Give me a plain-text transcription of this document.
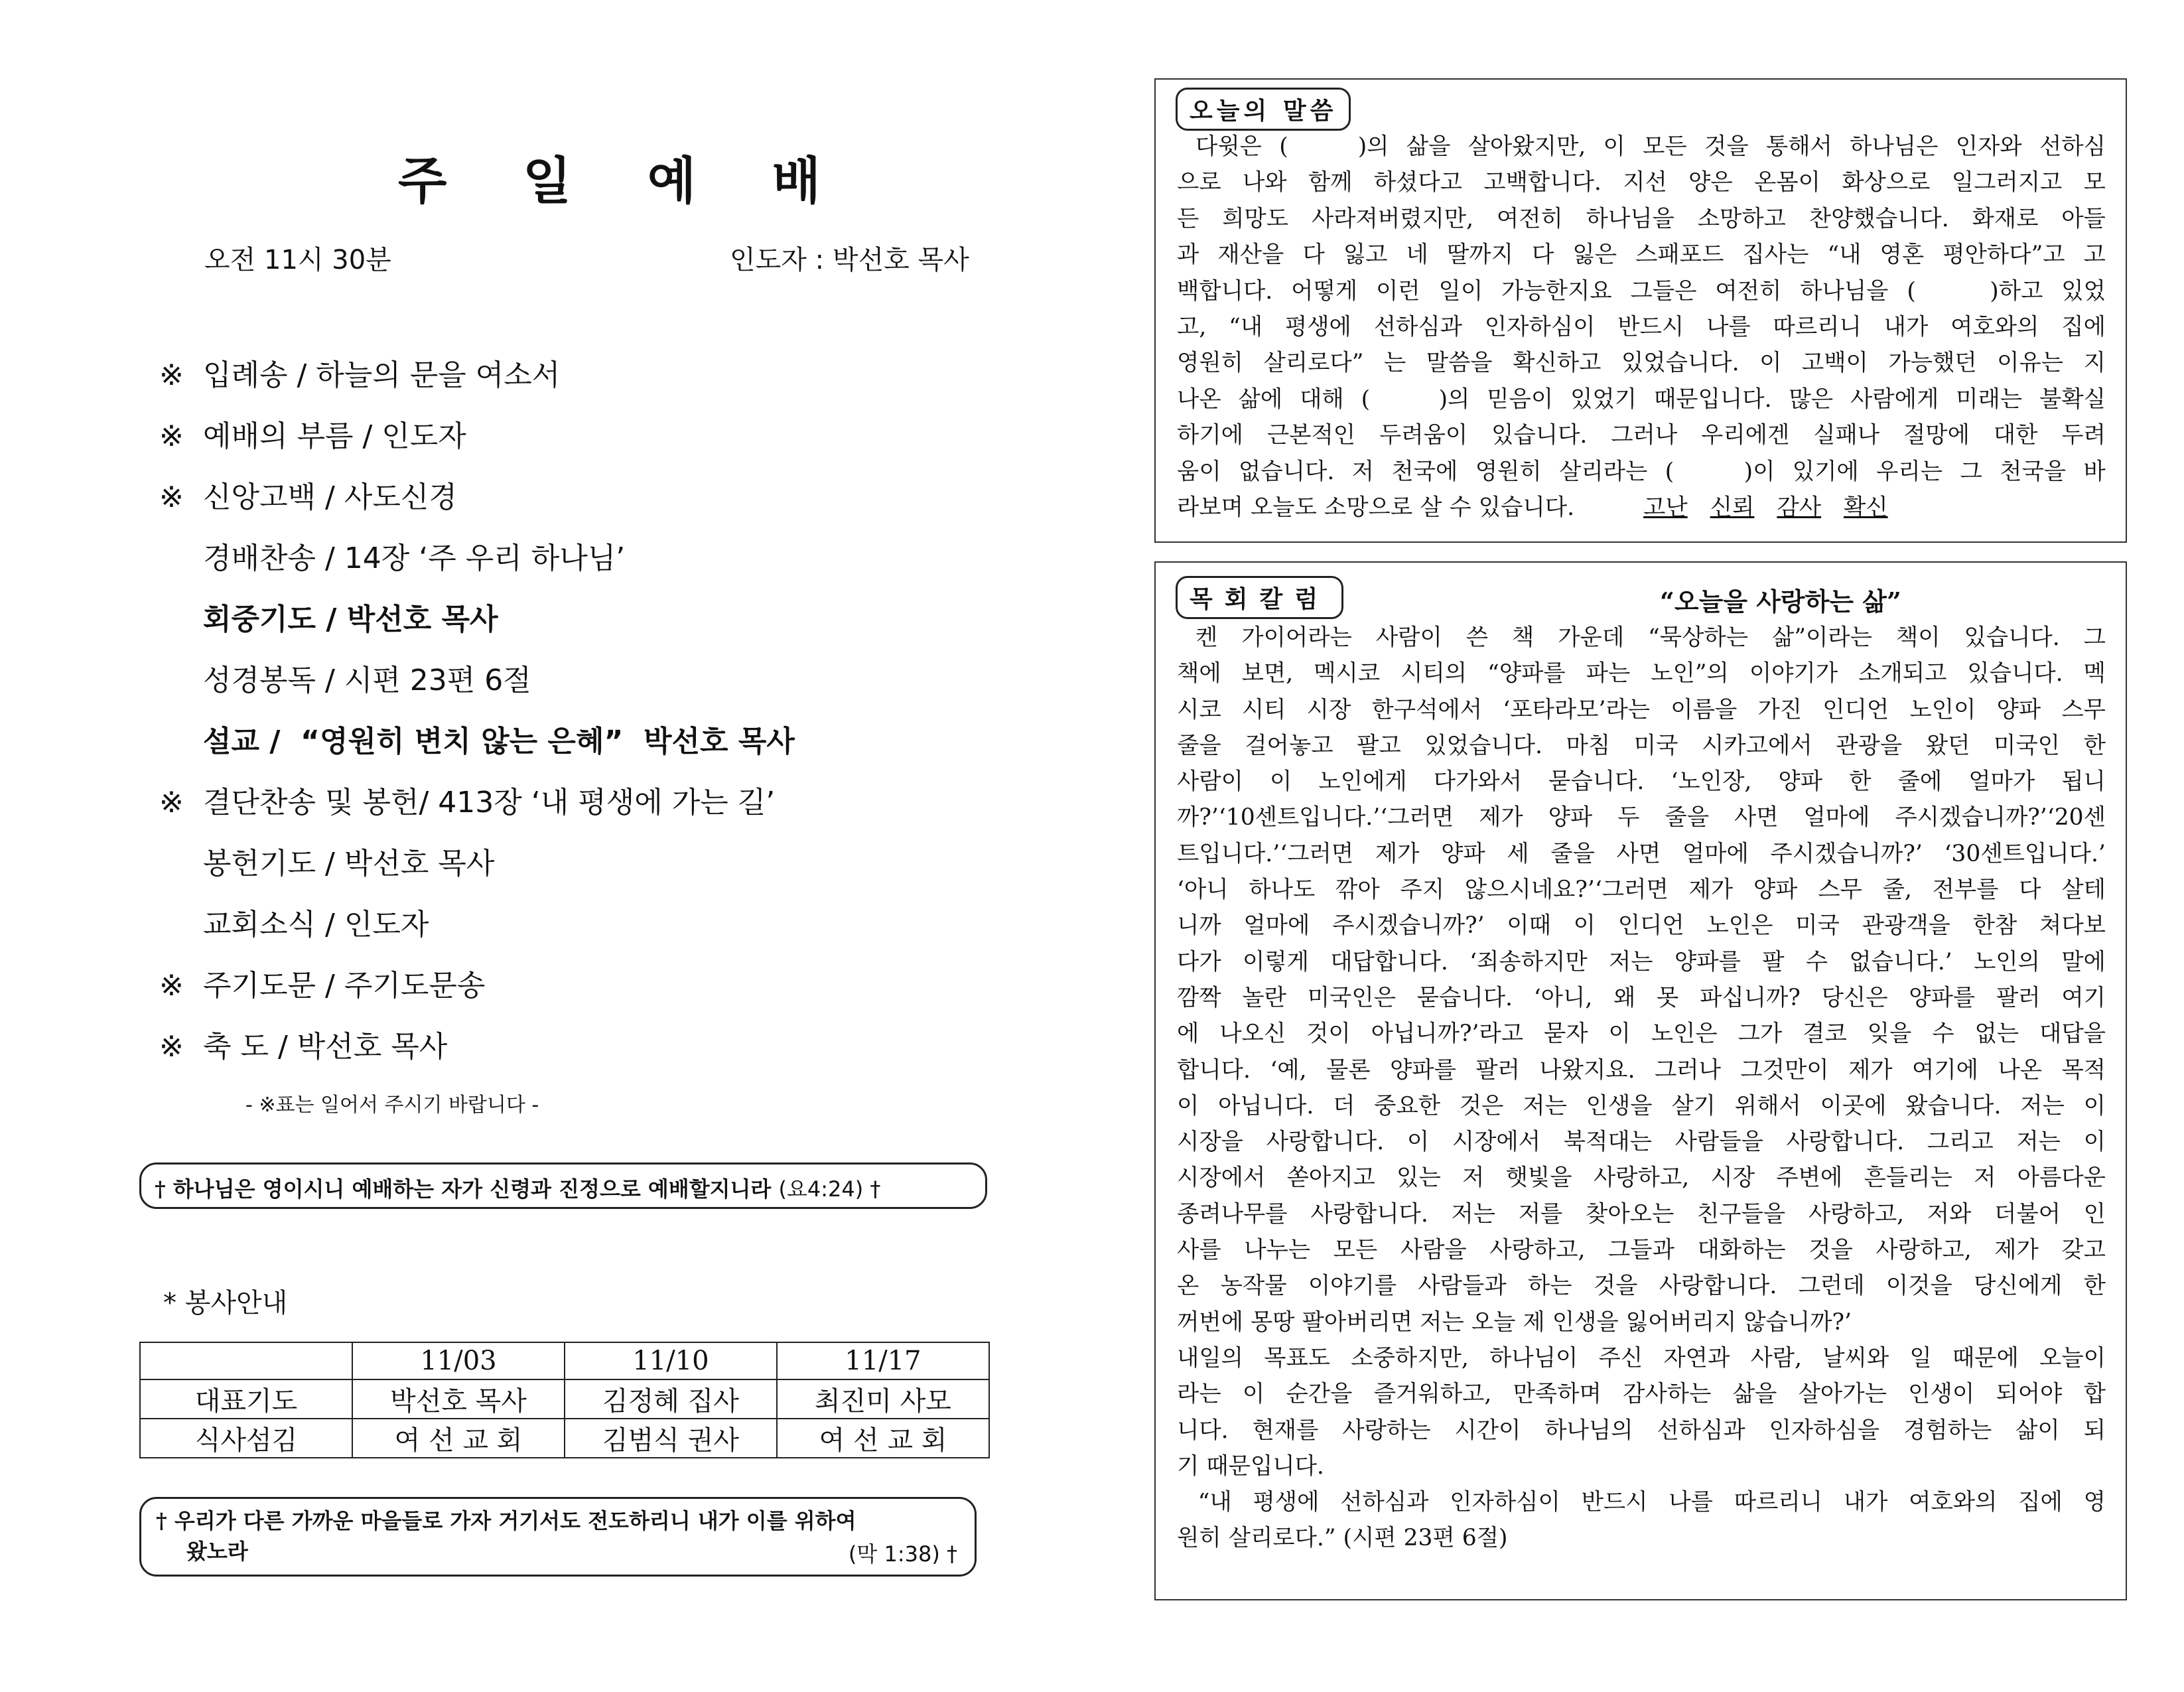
주 일 예 배
오전 11시 30분	인도자 : 박선호 목사
※ 입례송 / 하늘의 문을 여소서
※ 예배의 부름 / 인도자
※ 신앙고백 / 사도신경
경배찬송 / 14장 ‘주 우리 하나님’
회중기도 / 박선호 목사
성경봉독 / 시편 23편 6절
설교 /  “영원히 변치 않는 은혜”  박선호 목사
※ 결단찬송 및 봉헌/ 413장 ‘내 평생에 가는 길’
봉헌기도 / 박선호 목사
교회소식 / 인도자
※ 주기도문 / 주기도문송
※ 축 도 / 박선호 목사
- ※표는 일어서 주시기 바랍니다 -
† 하나님은 영이시니 예배하는 자가 신령과 진정으로 예배할지니라 (요4:24) †
* 봉사안내
	11/03	11/10	11/17
대표기도	박선호 목사	김정혜 집사	최진미 사모
식사섬김	여 선 교 회	김범식 권사	여 선 교 회
† 우리가 다른 가까운 마을들로 가자 거기서도 전도하리니 내가 이를 위하여
왔노라	(막 1:38) †
오늘의 말씀
다윗은 (	)의 삶을 살아왔지만, 이 모든 것을 통해서 하나님은 인자와 선하심
으로 나와 함께 하셨다고 고백합니다. 지선 양은 온몸이 화상으로 일그러지고 모
든 희망도 사라져버렸지만, 여전히 하나님을 소망하고 찬양했습니다. 화재로 아들
과 재산을 다 잃고 네 딸까지 다 잃은 스패포드 집사는 “내 영혼 평안하다”고 고
백합니다. 어떻게 이런 일이 가능한지요 그들은 여전히 하나님을 (	)하고 있었
고, “내 평생에 선하심과 인자하심이 반드시 나를 따르리니 내가 여호와의 집에
영원히 살리로다” 는 말씀을 확신하고 있었습니다. 이 고백이 가능했던 이유는 지
나온 삶에 대해 (	)의 믿음이 있었기 때문입니다. 많은 사람에게 미래는 불확실
하기에 근본적인 두려움이 있습니다. 그러나 우리에겐 실패나 절망에 대한 두려
움이 없습니다. 저 천국에 영원히 살리라는 (	)이 있기에 우리는 그 천국을 바
라보며 오늘도 소망으로 살 수 있습니다.	고난 신뢰 감사 확신
목회칼럼	“오늘을 사랑하는 삶”
켄 가이어라는 사람이 쓴 책 가운데 “묵상하는 삶”이라는 책이 있습니다. 그
책에 보면, 멕시코 시티의 “양파를 파는 노인”의 이야기가 소개되고 있습니다. 멕
시코 시티 시장 한구석에서 ‘포타라모’라는 이름을 가진 인디언 노인이 양파 스무
줄을 걸어놓고 팔고 있었습니다. 마침 미국 시카고에서 관광을 왔던 미국인 한
사람이 이 노인에게 다가와서 묻습니다. ‘노인장, 양파 한 줄에 얼마가 됩니
까?’‘10센트입니다.’‘그러면 제가 양파 두 줄을 사면 얼마에 주시겠습니까?’‘20센
트입니다.’‘그러면 제가 양파 세 줄을 사면 얼마에 주시겠습니까?’ ‘30센트입니다.’
‘아니 하나도 깎아 주지 않으시네요?’‘그러면 제가 양파 스무 줄, 전부를 다 살테
니까 얼마에 주시겠습니까?’ 이때 이 인디언 노인은 미국 관광객을 한참 쳐다보
다가 이렇게 대답합니다. ‘죄송하지만 저는 양파를 팔 수 없습니다.’ 노인의 말에
깜짝 놀란 미국인은 묻습니다. ‘아니, 왜 못 파십니까? 당신은 양파를 팔러 여기
에 나오신 것이 아닙니까?’라고 묻자 이 노인은 그가 결코 잊을 수 없는 대답을
합니다. ‘예, 물론 양파를 팔러 나왔지요. 그러나 그것만이 제가 여기에 나온 목적
이 아닙니다. 더 중요한 것은 저는 인생을 살기 위해서 이곳에 왔습니다. 저는 이
시장을 사랑합니다. 이 시장에서 북적대는 사람들을 사랑합니다. 그리고 저는 이
시장에서 쏟아지고 있는 저 햇빛을 사랑하고, 시장 주변에 흔들리는 저 아름다운
종려나무를 사랑합니다. 저는 저를 찾아오는 친구들을 사랑하고, 저와 더불어 인
사를 나누는 모든 사람을 사랑하고, 그들과 대화하는 것을 사랑하고, 제가 갖고
온 농작물 이야기를 사람들과 하는 것을 사랑합니다. 그런데 이것을 당신에게 한
꺼번에 몽땅 팔아버리면 저는 오늘 제 인생을 잃어버리지 않습니까?’
내일의 목표도 소중하지만, 하나님이 주신 자연과 사람, 날씨와 일 때문에 오늘이
라는 이 순간을 즐거워하고, 만족하며 감사하는 삶을 살아가는 인생이 되어야 합
니다. 현재를 사랑하는 시간이 하나님의 선하심과 인자하심을 경험하는 삶이 되
기 때문입니다.
“내 평생에 선하심과 인자하심이 반드시 나를 따르리니 내가 여호와의 집에 영
원히 살리로다.” (시편 23편 6절)
